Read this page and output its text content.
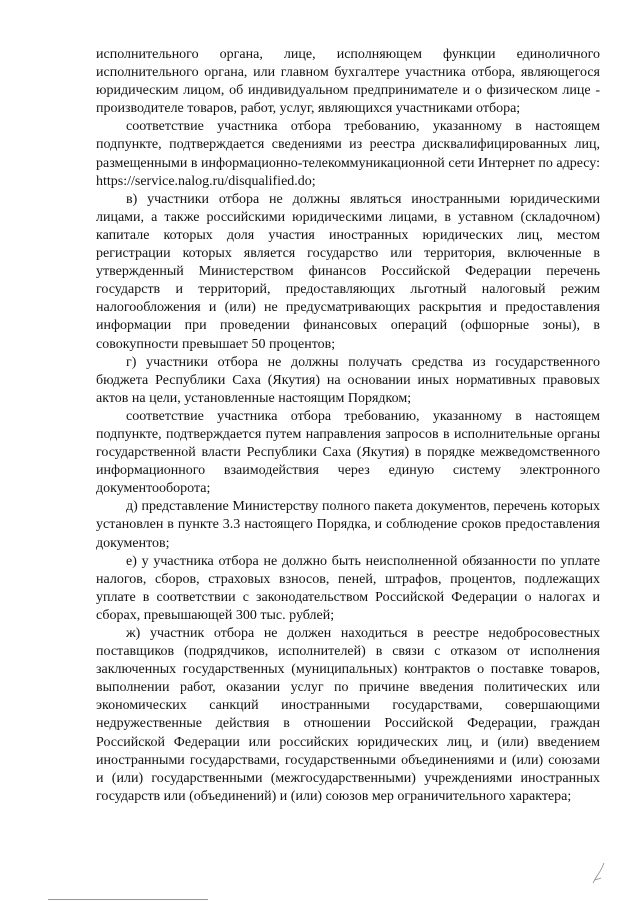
исполнительного органа, лице, исполняющем функции единоличного исполнительного органа, или главном бухгалтере участника отбора, являющегося юридическим лицом, об индивидуальном предпринимателе и о физическом лице - производителе товаров, работ, услуг, являющихся участниками отбора;

соответствие участника отбора требованию, указанному в настоящем подпункте, подтверждается сведениями из реестра дисквалифицированных лиц, размещенными в информационно-телекоммуникационной сети Интернет по адресу: https://service.nalog.ru/disqualified.do;

в) участники отбора не должны являться иностранными юридическими лицами, а также российскими юридическими лицами, в уставном (складочном) капитале которых доля участия иностранных юридических лиц, местом регистрации которых является государство или территория, включенные в утвержденный Министерством финансов Российской Федерации перечень государств и территорий, предоставляющих льготный налоговый режим налогообложения и (или) не предусматривающих раскрытия и предоставления информации при проведении финансовых операций (офшорные зоны), в совокупности превышает 50 процентов;

г) участники отбора не должны получать средства из государственного бюджета Республики Саха (Якутия) на основании иных нормативных правовых актов на цели, установленные настоящим Порядком;

соответствие участника отбора требованию, указанному в настоящем подпункте, подтверждается путем направления запросов в исполнительные органы государственной власти Республики Саха (Якутия) в порядке межведомственного информационного взаимодействия через единую систему электронного документооборота;

д) представление Министерству полного пакета документов, перечень которых установлен в пункте 3.3 настоящего Порядка, и соблюдение сроков предоставления документов;

е) у участника отбора не должно быть неисполненной обязанности по уплате налогов, сборов, страховых взносов, пеней, штрафов, процентов, подлежащих уплате в соответствии с законодательством Российской Федерации о налогах и сборах, превышающей 300 тыс. рублей;

ж) участник отбора не должен находиться в реестре недобросовестных поставщиков (подрядчиков, исполнителей) в связи с отказом от исполнения заключенных государственных (муниципальных) контрактов о поставке товаров, выполнении работ, оказании услуг по причине введения политических или экономических санкций иностранными государствами, совершающими недружественные действия в отношении Российской Федерации, граждан Российской Федерации или российских юридических лиц, и (или) введением иностранными государствами, государственными объединениями и (или) союзами и (или) государственными (межгосударственными) учреждениями иностранных государств или (объединений) и (или) союзов мер ограничительного характера;
